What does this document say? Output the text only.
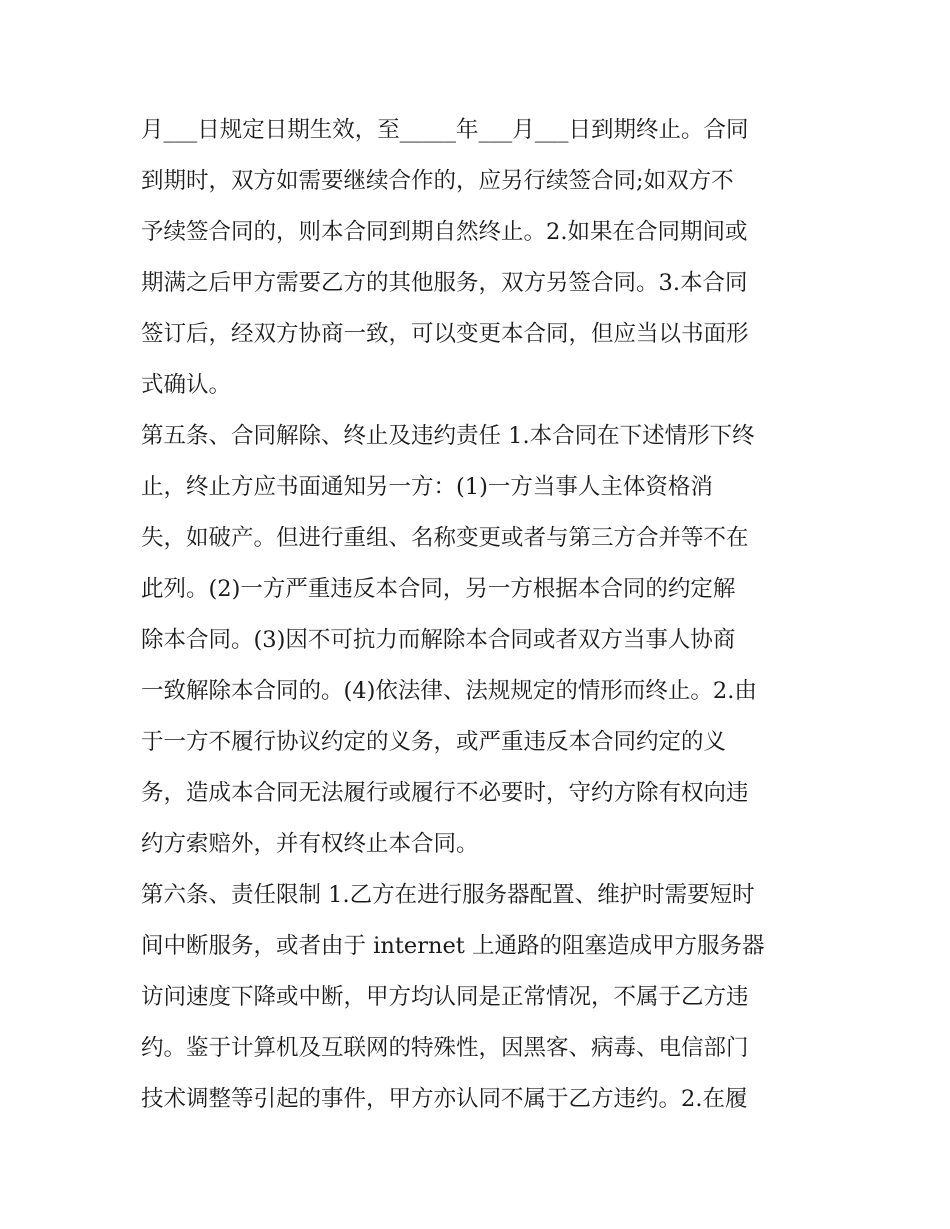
月___日规定日期生效，至_____年___月___日到期终止。合同
到期时，双方如需要继续合作的，应另行续签合同;如双方不
予续签合同的，则本合同到期自然终止。2.如果在合同期间或
期满之后甲方需要乙方的其他服务，双方另签合同。3.本合同
签订后，经双方协商一致，可以变更本合同，但应当以书面形
式确认。
第五条、合同解除、终止及违约责任 1.本合同在下述情形下终
止，终止方应书面通知另一方：(1)一方当事人主体资格消
失，如破产。但进行重组、名称变更或者与第三方合并等不在
此列。(2)一方严重违反本合同，另一方根据本合同的约定解
除本合同。(3)因不可抗力而解除本合同或者双方当事人协商
一致解除本合同的。(4)依法律、法规规定的情形而终止。2.由
于一方不履行协议约定的义务，或严重违反本合同约定的义
务，造成本合同无法履行或履行不必要时，守约方除有权向违
约方索赔外，并有权终止本合同。
第六条、责任限制 1.乙方在进行服务器配置、维护时需要短时
间中断服务，或者由于 internet 上通路的阻塞造成甲方服务器
访问速度下降或中断，甲方均认同是正常情况，不属于乙方违
约。鉴于计算机及互联网的特殊性，因黑客、病毒、电信部门
技术调整等引起的事件，甲方亦认同不属于乙方违约。2.在履
